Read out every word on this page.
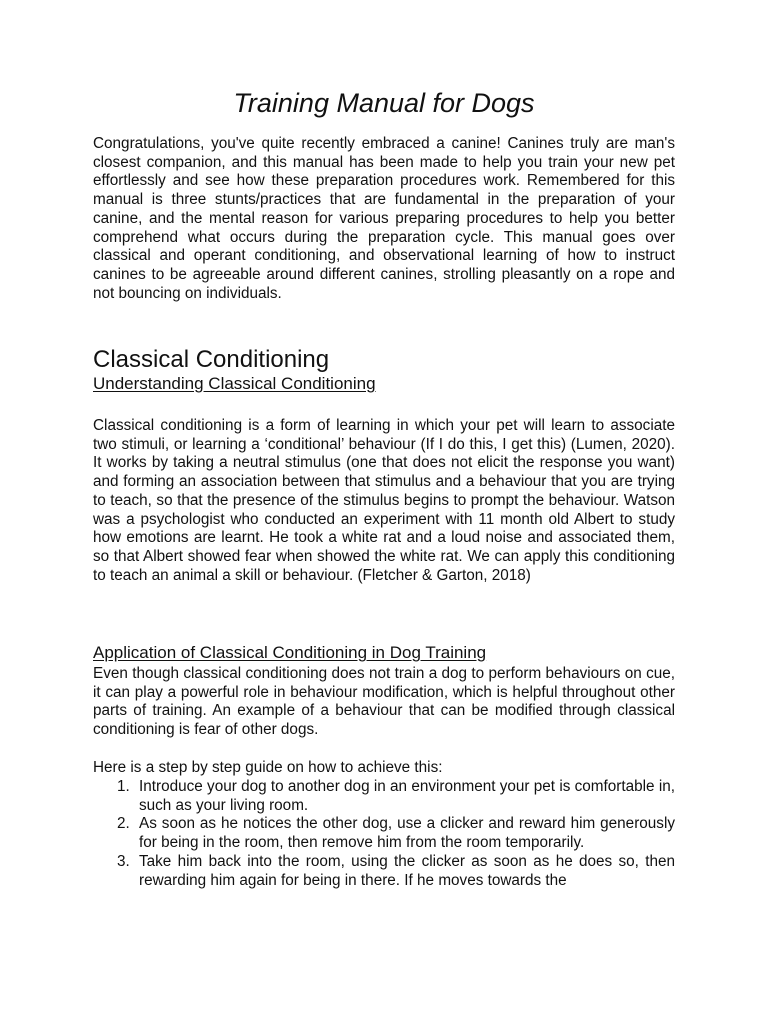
Training Manual for Dogs

Congratulations, you've quite recently embraced a canine! Canines truly are man's closest companion, and this manual has been made to help you train your new pet effortlessly and see how these preparation procedures work. Remembered for this manual is three stunts/practices that are fundamental in the preparation of your canine, and the mental reason for various preparing procedures to help you better comprehend what occurs during the preparation cycle. This manual goes over classical and operant conditioning, and observational learning of how to instruct canines to be agreeable around different canines, strolling pleasantly on a rope and not bouncing on individuals.

Classical Conditioning
Understanding Classical Conditioning

Classical conditioning is a form of learning in which your pet will learn to associate two stimuli, or learning a ‘conditional’ behaviour (If I do this, I get this) (Lumen, 2020). It works by taking a neutral stimulus (one that does not elicit the response you want) and forming an association between that stimulus and a behaviour that you are trying to teach, so that the presence of the stimulus begins to prompt the behaviour. Watson was a psychologist who conducted an experiment with 11 month old Albert to study how emotions are learnt. He took a white rat and a loud noise and associated them, so that Albert showed fear when showed the white rat. We can apply this conditioning to teach an animal a skill or behaviour. (Fletcher & Garton, 2018)

Application of Classical Conditioning in Dog Training

Even though classical conditioning does not train a dog to perform behaviours on cue, it can play a powerful role in behaviour modification, which is helpful throughout other parts of training. An example of a behaviour that can be modified through classical conditioning is fear of other dogs.

Here is a step by step guide on how to achieve this:

1. Introduce your dog to another dog in an environment your pet is comfortable in, such as your living room.
2. As soon as he notices the other dog, use a clicker and reward him generously for being in the room, then remove him from the room temporarily.
3. Take him back into the room, using the clicker as soon as he does so, then rewarding him again for being in there. If he moves towards the
